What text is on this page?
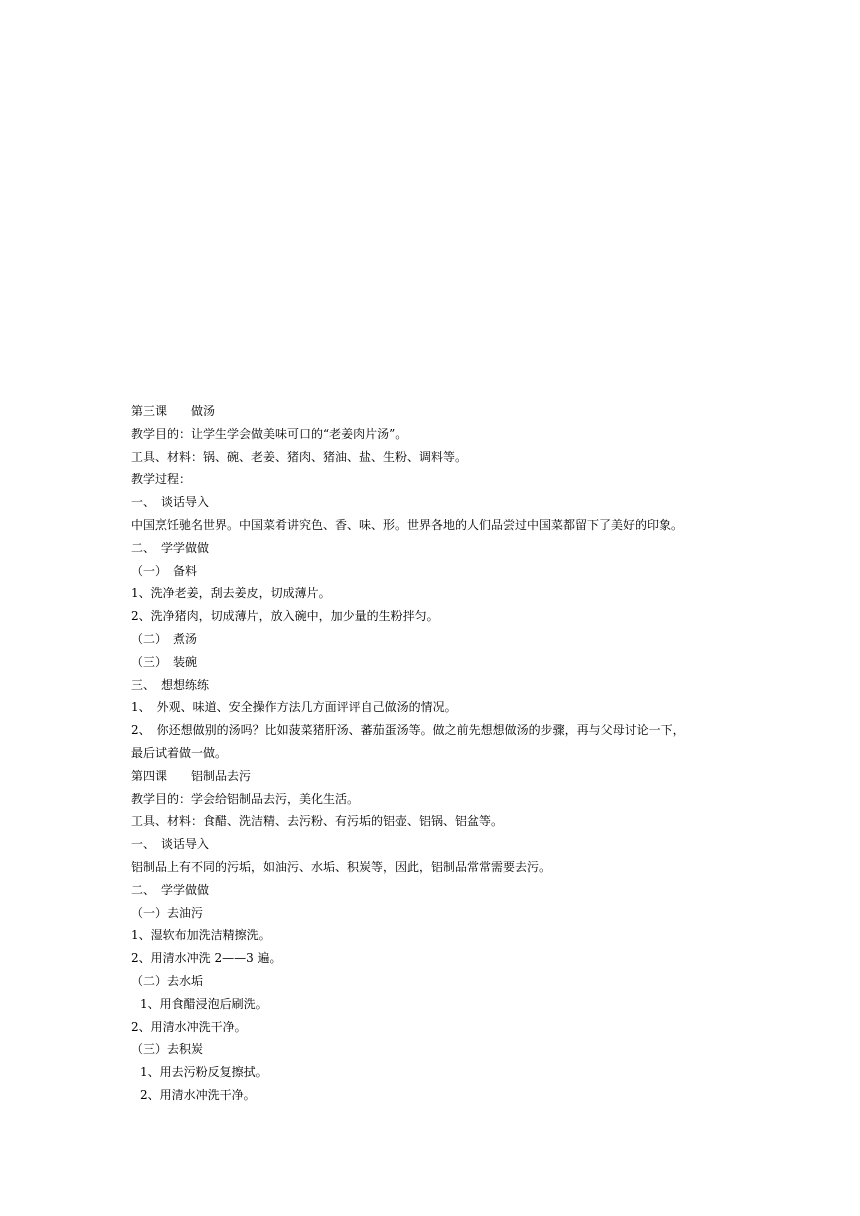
第三课　　做汤
教学目的：让学生学会做美味可口的“老姜肉片汤”。
工具、材料：锅、碗、老姜、猪肉、猪油、盐、生粉、调料等。
教学过程：
一、　谈话导入
中国烹饪驰名世界。中国菜肴讲究色、香、味、形。世界各地的人们品尝过中国菜都留下了美好的印象。
二、　学学做做
（一）　备料
1、洗净老姜，刮去姜皮，切成薄片。
2、洗净猪肉，切成薄片，放入碗中，加少量的生粉拌匀。
（二）　煮汤
（三）　装碗
三、　想想练练
1、　外观、味道、安全操作方法几方面评评自己做汤的情况。
2、　你还想做别的汤吗？比如菠菜猪肝汤、蕃茄蛋汤等。做之前先想想做汤的步骤，再与父母讨论一下，
最后试着做一做。
第四课　　铝制品去污
教学目的：学会给铝制品去污，美化生活。
工具、材料：食醋、洗洁精、去污粉、有污垢的铝壶、铝锅、铝盆等。
一、　谈话导入
铝制品上有不同的污垢，如油污、水垢、积炭等，因此，铝制品常常需要去污。
二、　学学做做
（一）去油污
1、湿软布加洗洁精擦洗。
2、用清水冲洗 2——3 遍。
（二）去水垢
1、用食醋浸泡后刷洗。
2、用清水冲洗干净。
（三）去积炭
1、用去污粉反复擦拭。
2、用清水冲洗干净。
